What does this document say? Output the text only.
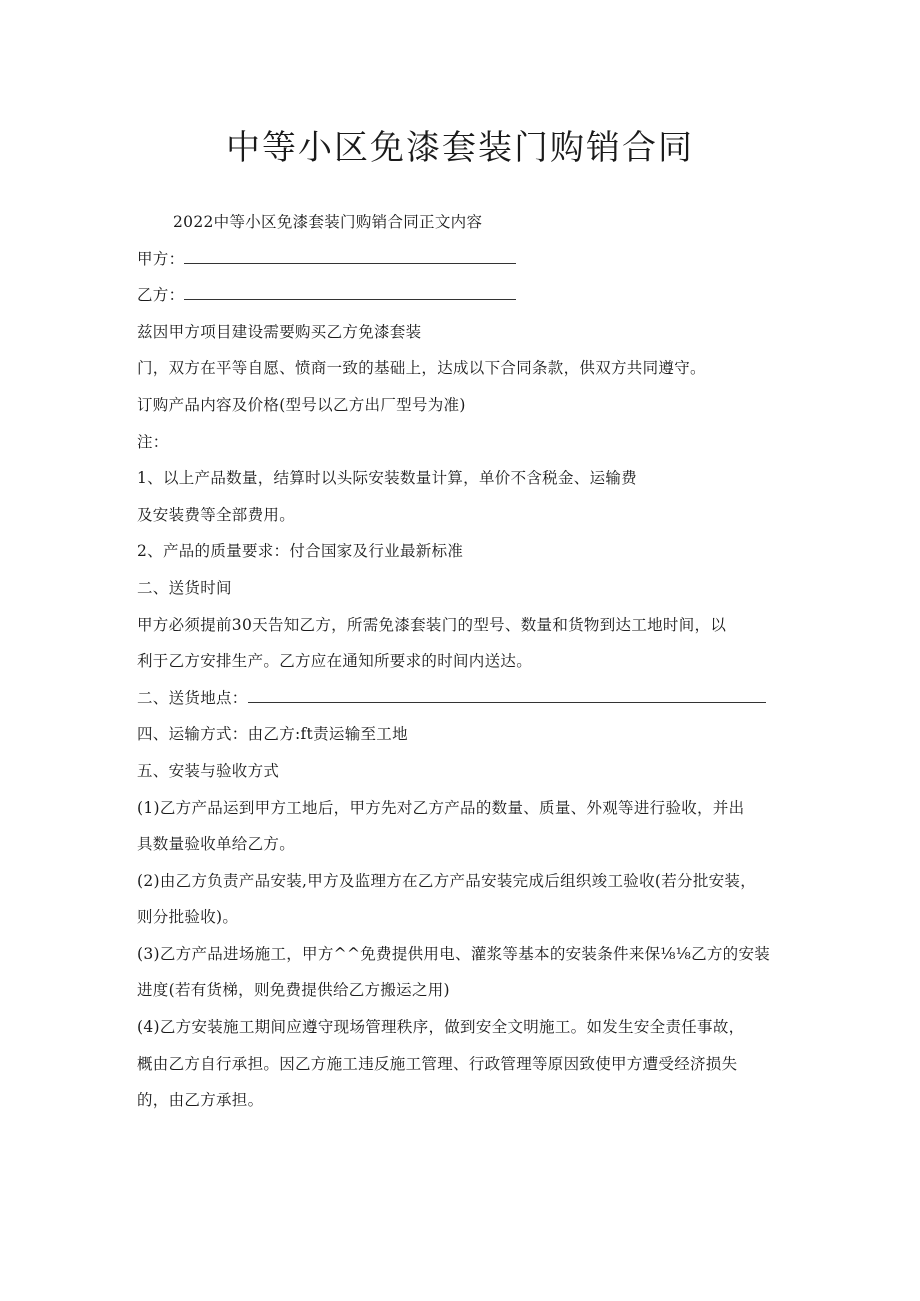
中等小区免漆套装门购销合同
2022中等小区免漆套装门购销合同正文内容
甲方：
乙方：
兹因甲方项目建设需要购买乙方免漆套装
门，双方在平等自愿、愤商一致的基础上，达成以下合同条款，供双方共同遵守。
订购产品内容及价格(型号以乙方出厂型号为准)
注：
1、以上产品数量，结算时以头际安装数量计算，单价不含税金、运输费
及安装费等全部费用。
2、产品的质量要求：付合国家及行业最新标准
二、送货时间
甲方必须提前30天告知乙方，所需免漆套装门的型号、数量和货物到达工地时间，以
利于乙方安排生产。乙方应在通知所要求的时间内送达。
二、送货地点：
四、运输方式：由乙方:ft责运输至工地
五、安装与验收方式
(1)乙方产品运到甲方工地后，甲方先对乙方产品的数量、质量、外观等进行验收，并出
具数量验收单给乙方。
(2)由乙方负责产品安装,甲方及监理方在乙方产品安装完成后组织竣工验收(若分批安装，
则分批验收)。
(3)乙方产品进场施工，甲方^^免费提供用电、灌浆等基本的安装条件来保⅛⅛乙方的安装
进度(若有货梯，则免费提供给乙方搬运之用)
(4)乙方安装施工期间应遵守现场管理秩序，做到安全文明施工。如发生安全责任事故，
概由乙方自行承担。因乙方施工违反施工管理、行政管理等原因致使甲方遭受经济损失
的，由乙方承担。
